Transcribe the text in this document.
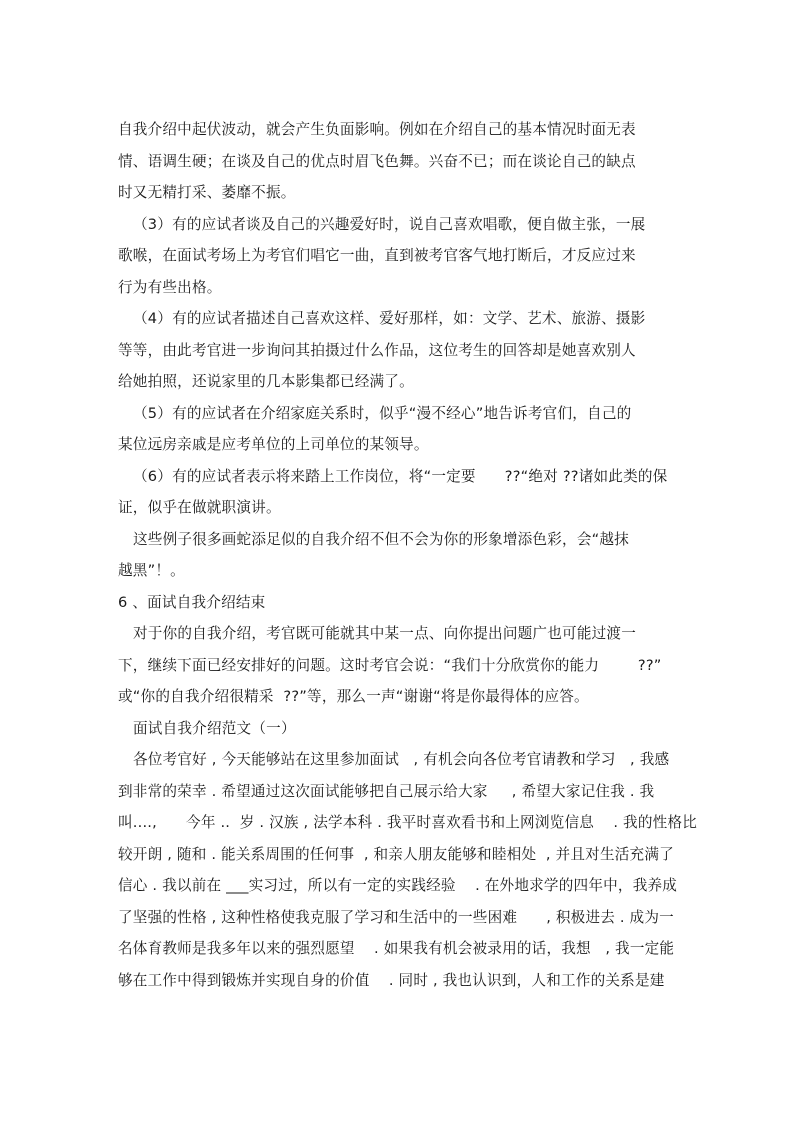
自我介绍中起伏波动，就会产生负面影响。例如在介绍自己的基本情况时面无表
情、语调生硬；在谈及自己的优点时眉飞色舞。兴奋不已；而在谈论自己的缺点
时又无精打采、萎靡不振。
（3）有的应试者谈及自己的兴趣爱好时，说自己喜欢唱歌，便自做主张，一展
歌喉，在面试考场上为考官们唱它一曲，直到被考官客气地打断后，才反应过来
行为有些出格。
（4）有的应试者描述自己喜欢这样、爱好那样，如：文学、艺术、旅游、摄影
等等，由此考官进一步询问其拍摄过什么作品，这位考生的回答却是她喜欢别人
给她拍照，还说家里的几本影集都已经满了。
（5）有的应试者在介绍家庭关系时，似乎“漫不经心”地告诉考官们，自己的
某位远房亲戚是应考单位的上司单位的某领导。
（6）有的应试者表示将来踏上工作岗位，将“一定要      ??“绝对 ??诸如此类的保
证，似乎在做就职演讲。
这些例子很多画蛇添足似的自我介绍不但不会为你的形象增添色彩，会“越抹
越黑”！。
6 、面试自我介绍结束
对于你的自我介绍，考官既可能就其中某一点、向你提出问题广也可能过渡一
下，继续下面已经安排好的问题。这时考官会说：“我们十分欣赏你的能力        ??”
或“你的自我介绍很精采  ??”等，那么一声“谢谢“将是你最得体的应答。
面试自我介绍范文（一）
各位考官好 , 今天能够站在这里参加面试   , 有机会向各位考官请教和学习   , 我感
到非常的荣幸 . 希望通过这次面试能够把自己展示给大家     , 希望大家记住我 . 我
叫....,      今年 ..  岁 . 汉族 , 法学本科 . 我平时喜欢看书和上网浏览信息    . 我的性格比
较开朗 , 随和 . 能关系周围的任何事  , 和亲人朋友能够和睦相处  , 并且对生活充满了
信心 . 我以前在 ___实习过，所以有一定的实践经验    . 在外地求学的四年中，我养成
了坚强的性格 , 这种性格使我克服了学习和生活中的一些困难      , 积极进去 . 成为一
名体育教师是我多年以来的强烈愿望    . 如果我有机会被录用的话，我想   , 我一定能
够在工作中得到锻炼并实现自身的价值    . 同时 , 我也认识到，人和工作的关系是建
